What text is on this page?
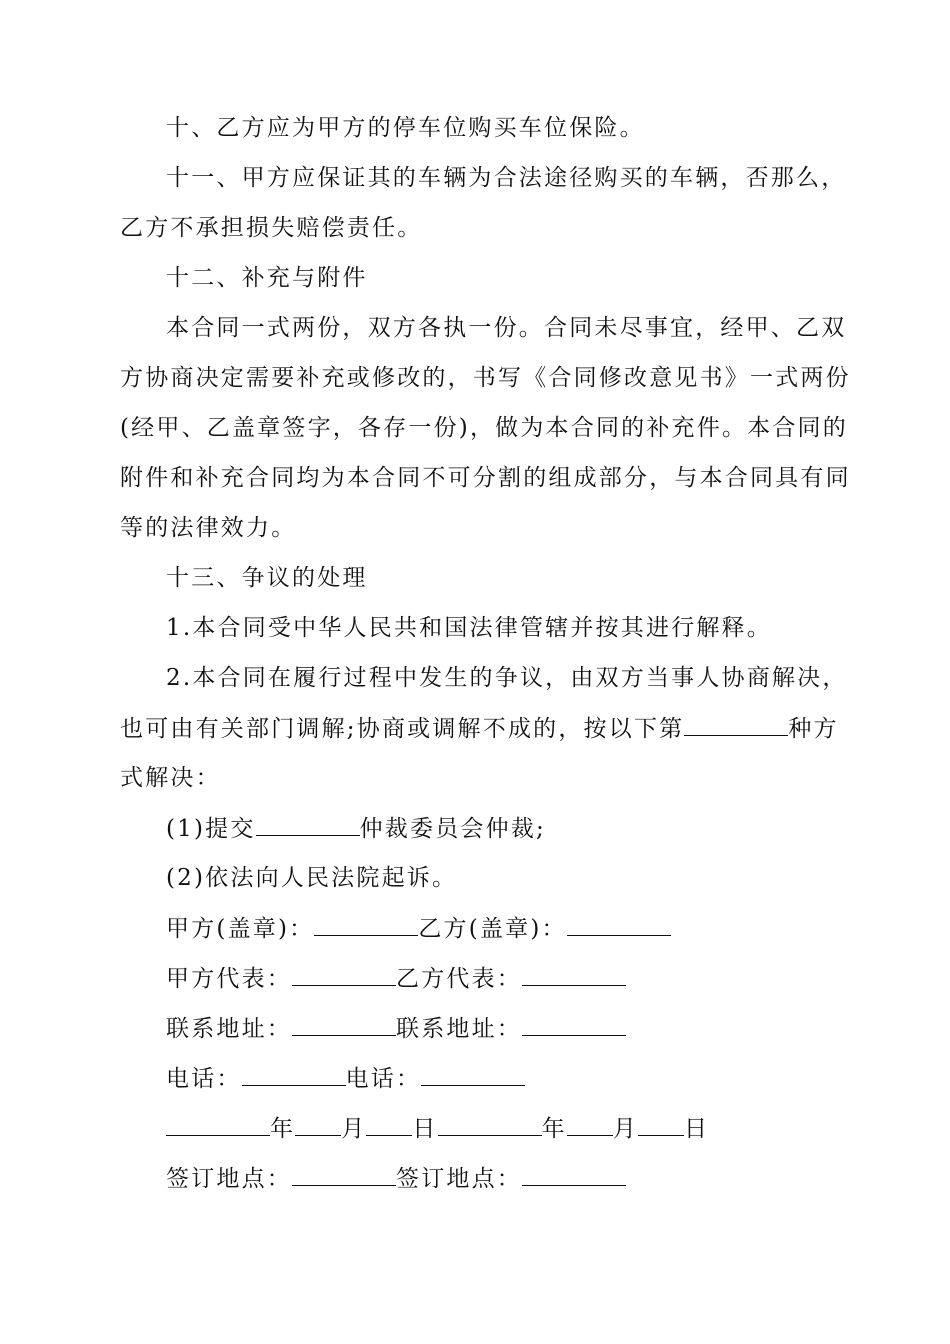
十、乙方应为甲方的停车位购买车位保险。
十一、甲方应保证其的车辆为合法途径购买的车辆，否那么，
乙方不承担损失赔偿责任。
十二、补充与附件
本合同一式两份，双方各执一份。合同未尽事宜，经甲、乙双
方协商决定需要补充或修改的，书写《合同修改意见书》一式两份
(经甲、乙盖章签字，各存一份)，做为本合同的补充件。本合同的
附件和补充合同均为本合同不可分割的组成部分，与本合同具有同
等的法律效力。
十三、争议的处理
1.本合同受中华人民共和国法律管辖并按其进行解释。
2.本合同在履行过程中发生的争议，由双方当事人协商解决，
也可由有关部门调解;协商或调解不成的，按以下第	种方
式解决：
(1)提交	仲裁委员会仲裁;
(2)依法向人民法院起诉。
甲方(盖章)：	乙方(盖章)：
甲方代表：	乙方代表：
联系地址：	联系地址：
电话：	电话：
年 月 日	年 月 日
签订地点：	签订地点：
